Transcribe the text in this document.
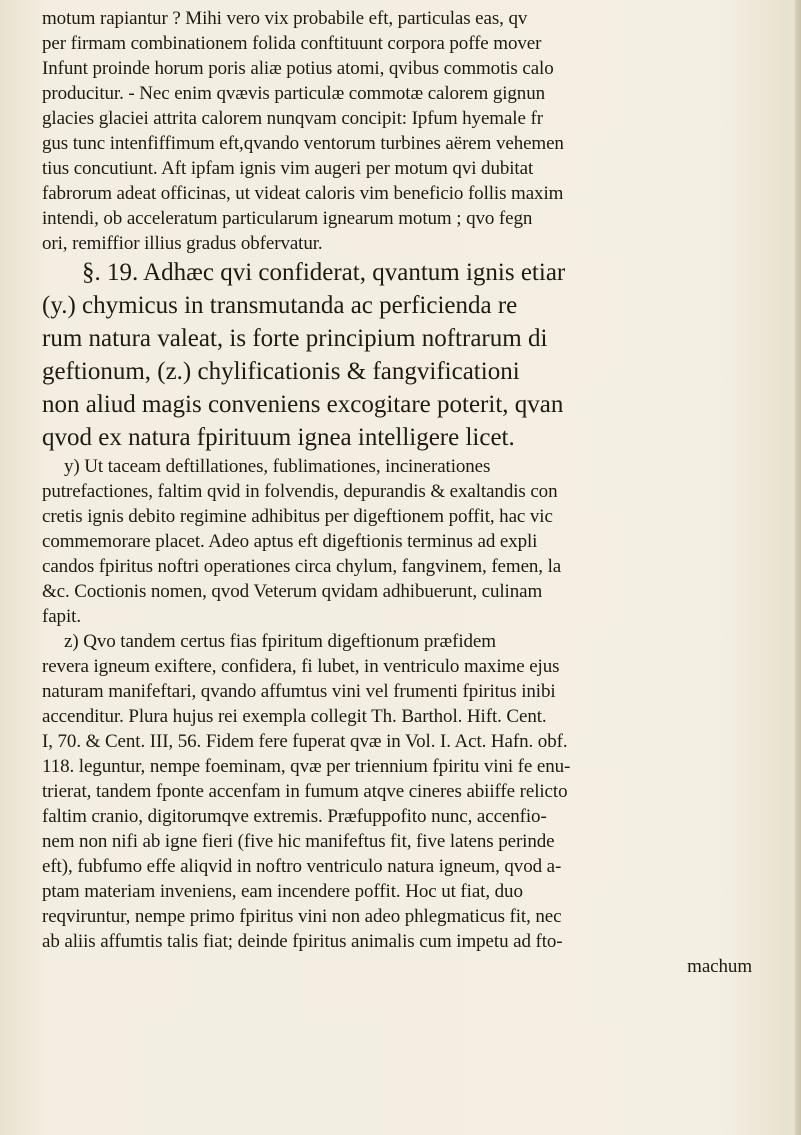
motum rapiantur ? Mihi vero vix probabile eft, particulas eas, qv
per firmam combinationem folida conftituunt corpora poffe mover
Infunt proinde horum poris aliæ potius atomi, qvibus commotis calo
producitur. - Nec enim qvævis particulæ commotæ calorem gignun
glacies glaciei attrita calorem nunqvam concipit: Ipfum hyemale fr
gus tunc intenfiffimum eft,qvando ventorum turbines aërem vehemen
tius concutiunt. Aft ipfam ignis vim augeri per motum qvi dubitat
fabrorum adeat officinas, ut videat caloris vim beneficio follis maxim
intendi, ob acceleratum particularum ignearum motum ; qvo fegn
ori, remiffior illius gradus obfervatur.
§. 19. Adhæc qvi confiderat, qvantum ignis etiar
(y.) chymicus in transmutanda ac perficienda re
rum natura valeat, is forte principium noftrarum di
geftionum, (z.) chylificationis & fangvificationi
non aliud magis conveniens excogitare poterit, qvan
qvod ex natura fpirituum ignea intelligere licet.
y) Ut taceam deftillationes, fublimationes, incinerationes
putrefactiones, faltim qvid in folvendis, depurandis & exaltandis con
cretis ignis debito regimine adhibitus per digeftionem poffit, hac vic
commemorare placet. Adeo aptus eft digeftionis terminus ad expli
candos fpiritus noftri operationes circa chylum, fangvinem, femen, la
&c. Coctionis nomen, qvod Veterum qvidam adhibuerunt, culinam
fapit.
z) Qvo tandem certus fias fpiritum digeftionum præfidem
revera igneum exiftere, confidera, fi lubet, in ventriculo maxime ejus
naturam manifeftari, qvando affumtus vini vel frumenti fpiritus inibi
accenditur. Plura hujus rei exempla collegit Th. Barthol. Hift. Cent.
I, 70. & Cent. III, 56. Fidem fere fuperat qvæ in Vol. I. Act. Hafn. obf.
118. leguntur, nempe foeminam, qvæ per triennium fpiritu vini fe enu-
trierat, tandem fponte accenfam in fumum atqve cineres abiiffe relicto
faltim cranio, digitorumqve extremis. Præfuppofito nunc, accenfio-
nem non nifi ab igne fieri (five hic manifeftus fit, five latens perinde
eft), fubfumo effe aliqvid in noftro ventriculo natura igneum, qvod a-
ptam materiam inveniens, eam incendere poffit. Hoc ut fiat, duo
reqviruntur, nempe primo fpiritus vini non adeo phlegmaticus fit, nec
ab aliis affumtis talis fiat; deinde fpiritus animalis cum impetu ad fto-
machum
